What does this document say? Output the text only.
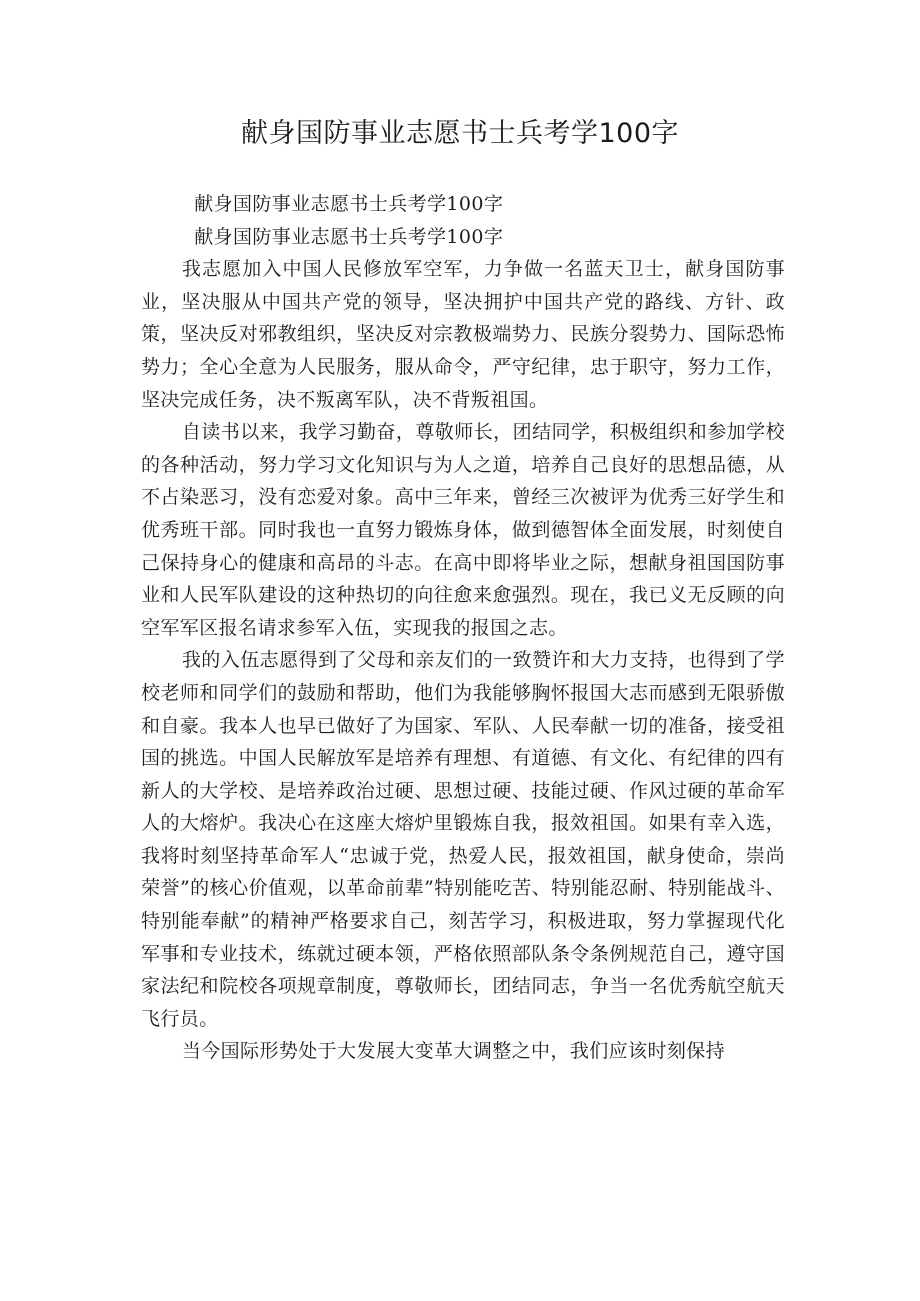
献身国防事业志愿书士兵考学100字

献身国防事业志愿书士兵考学100字

献身国防事业志愿书士兵考学100字

我志愿加入中国人民修放军空军，力争做一名蓝天卫士，献身国防事业，坚决服从中国共产党的领导，坚决拥护中国共产党的路线、方针、政策，坚决反对邪教组织，坚决反对宗教极端势力、民族分裂势力、国际恐怖势力；全心全意为人民服务，服从命令，严守纪律，忠于职守，努力工作，坚决完成任务，决不叛离军队，决不背叛祖国。

自读书以来，我学习勤奋，尊敬师长，团结同学，积极组织和参加学校的各种活动，努力学习文化知识与为人之道，培养自己良好的思想品德，从不占染恶习，没有恋爱对象。高中三年来，曾经三次被评为优秀三好学生和优秀班干部。同时我也一直努力锻炼身体，做到德智体全面发展，时刻使自己保持身心的健康和高昂的斗志。在高中即将毕业之际，想献身祖国国防事业和人民军队建设的这种热切的向往愈来愈强烈。现在，我已义无反顾的向空军军区报名请求参军入伍，实现我的报国之志。

我的入伍志愿得到了父母和亲友们的一致赞许和大力支持，也得到了学校老师和同学们的鼓励和帮助，他们为我能够胸怀报国大志而感到无限骄傲和自豪。我本人也早已做好了为国家、军队、人民奉献一切的准备，接受祖国的挑选。中国人民解放军是培养有理想、有道德、有文化、有纪律的四有新人的大学校、是培养政治过硬、思想过硬、技能过硬、作风过硬的革命军人的大熔炉。我决心在这座大熔炉里锻炼自我，报效祖国。如果有幸入选，我将时刻坚持革命军人“忠诚于党，热爱人民，报效祖国，献身使命，崇尚荣誉”的核心价值观，以革命前辈”特别能吃苦、特别能忍耐、特别能战斗、特别能奉献”的精神严格要求自己，刻苦学习，积极进取，努力掌握现代化军事和专业技术，练就过硬本领，严格依照部队条令条例规范自己，遵守国家法纪和院校各项规章制度，尊敬师长，团结同志，争当一名优秀航空航天飞行员。

当今国际形势处于大发展大变革大调整之中，我们应该时刻保持
